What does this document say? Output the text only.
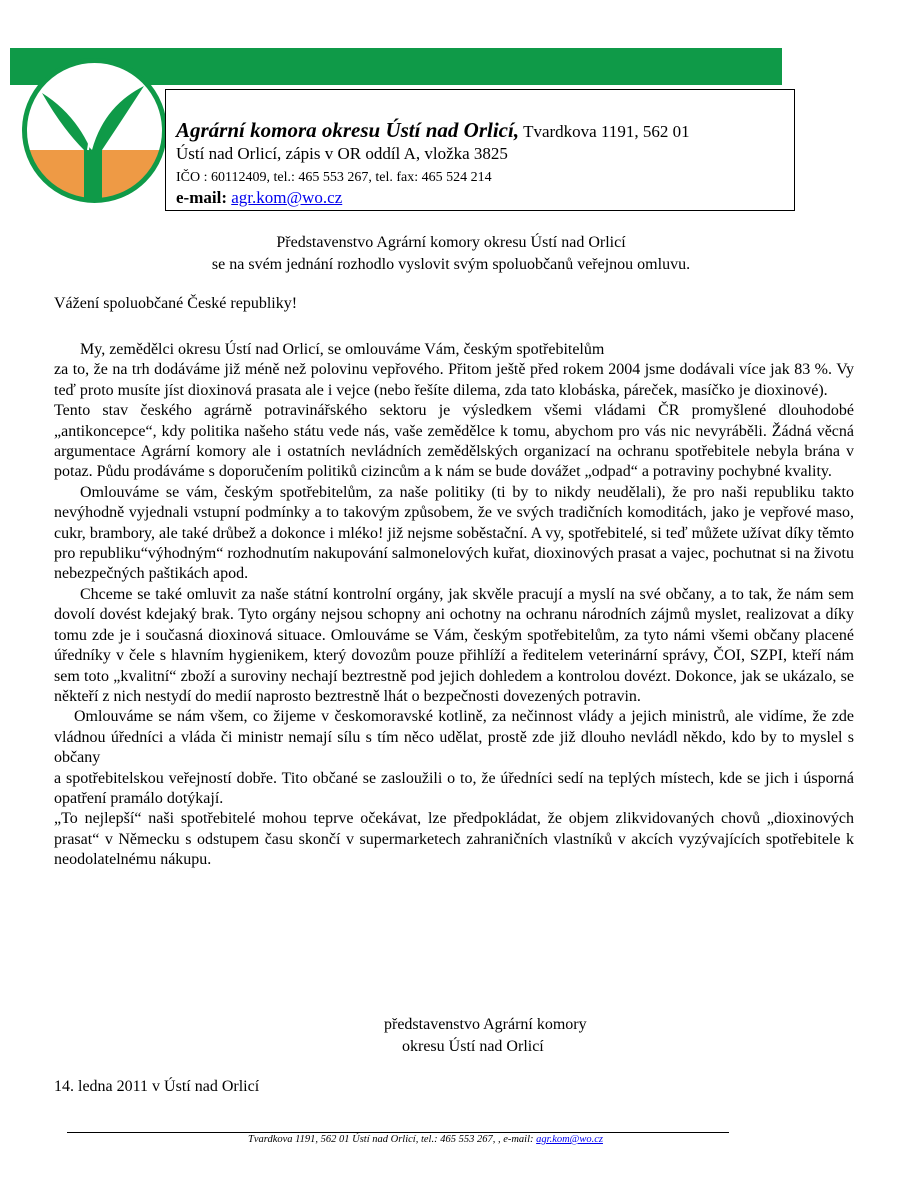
Agrární komora okresu Ústí nad Orlicí, Tvardkova 1191, 562 01
Ústí nad Orlicí, zápis v OR oddíl A, vložka 3825
IČO : 60112409, tel.: 465 553 267, tel. fax: 465 524 214
e-mail: agr.kom@wo.cz
Představenstvo Agrární komory okresu Ústí nad Orlicí
se na svém jednání rozhodlo vyslovit svým spoluobčanů veřejnou omluvu.
Vážení spoluobčané České republiky!

My, zemědělci okresu Ústí nad Orlicí, se omlouváme Vám, českým spotřebitelům

za to, že na trh dodáváme již méně než polovinu vepřového. Přitom ještě před rokem 2004 jsme dodávali více jak 83 %. Vy teď proto musíte jíst dioxinová prasata ale i vejce (nebo řešíte dilema, zda tato klobáska, páreček, masíčko je dioxinové).

Tento stav českého agrárně potravinářského sektoru je výsledkem všemi vládami ČR promyšlené dlouhodobé „antikoncepce“, kdy politika našeho státu vede nás, vaše zemědělce k tomu, abychom pro vás nic nevyráběli. Žádná věcná argumentace Agrární komory ale i ostatních nevládních zemědělských organizací na ochranu spotřebitele nebyla brána v potaz. Půdu prodáváme s doporučením politiků cizincům a k nám se bude dovážet „odpad“ a potraviny pochybné kvality.

Omlouváme se vám, českým spotřebitelům, za naše politiky (ti by to nikdy neudělali), že pro naši republiku takto nevýhodně vyjednali vstupní podmínky a to takovým způsobem, že ve svých tradičních komoditách, jako je vepřové maso, cukr, brambory, ale také drůbež a dokonce i mléko! již nejsme soběstační. A vy, spotřebitelé, si teď můžete užívat díky těmto pro republiku“výhodným“ rozhodnutím nakupování salmonelových kuřat, dioxinových prasat a vajec, pochutnat si na životu nebezpečných paštikách apod.

Chceme se také omluvit za naše státní kontrolní orgány, jak skvěle pracují a myslí na své občany, a to tak, že nám sem dovolí dovést kdejaký brak. Tyto orgány nejsou schopny ani ochotny na ochranu národních zájmů myslet, realizovat a díky tomu zde je i současná dioxinová situace. Omlouváme se Vám, českým spotřebitelům, za tyto námi všemi občany placené úředníky v čele s hlavním hygienikem, který dovozům pouze přihlíží a ředitelem veterinární správy, ČOI, SZPI, kteří nám sem toto „kvalitní“ zboží a suroviny nechají beztrestně pod jejich dohledem a kontrolou dovézt. Dokonce, jak se ukázalo, se někteří z nich nestydí do medií naprosto beztrestně lhát o bezpečnosti dovezených potravin.

Omlouváme se nám všem, co žijeme v českomoravské kotlině, za nečinnost vlády a jejich ministrů, ale vidíme, že zde vládnou úředníci a vláda či ministr nemají sílu s tím něco udělat, prostě zde již dlouho nevládl někdo, kdo by to myslel s občany

a spotřebitelskou veřejností dobře. Tito občané se zasloužili o to, že úředníci sedí na teplých místech, kde se jich i úsporná opatření pramálo dotýkají.

„To nejlepší“ naši spotřebitelé mohou teprve očekávat, lze předpokládat, že objem zlikvidovaných chovů „dioxinových prasat“ v Německu s odstupem času skončí v supermarketech zahraničních vlastníků v akcích vyzývajících spotřebitele k neodolatelnému nákupu.

představenstvo Agrární komory
okresu Ústí nad Orlicí
14. ledna 2011 v Ústí nad Orlicí
Tvardkova 1191, 562 01 Ústí nad Orlicí, tel.: 465 553 267, , e-mail: agr.kom@wo.cz
